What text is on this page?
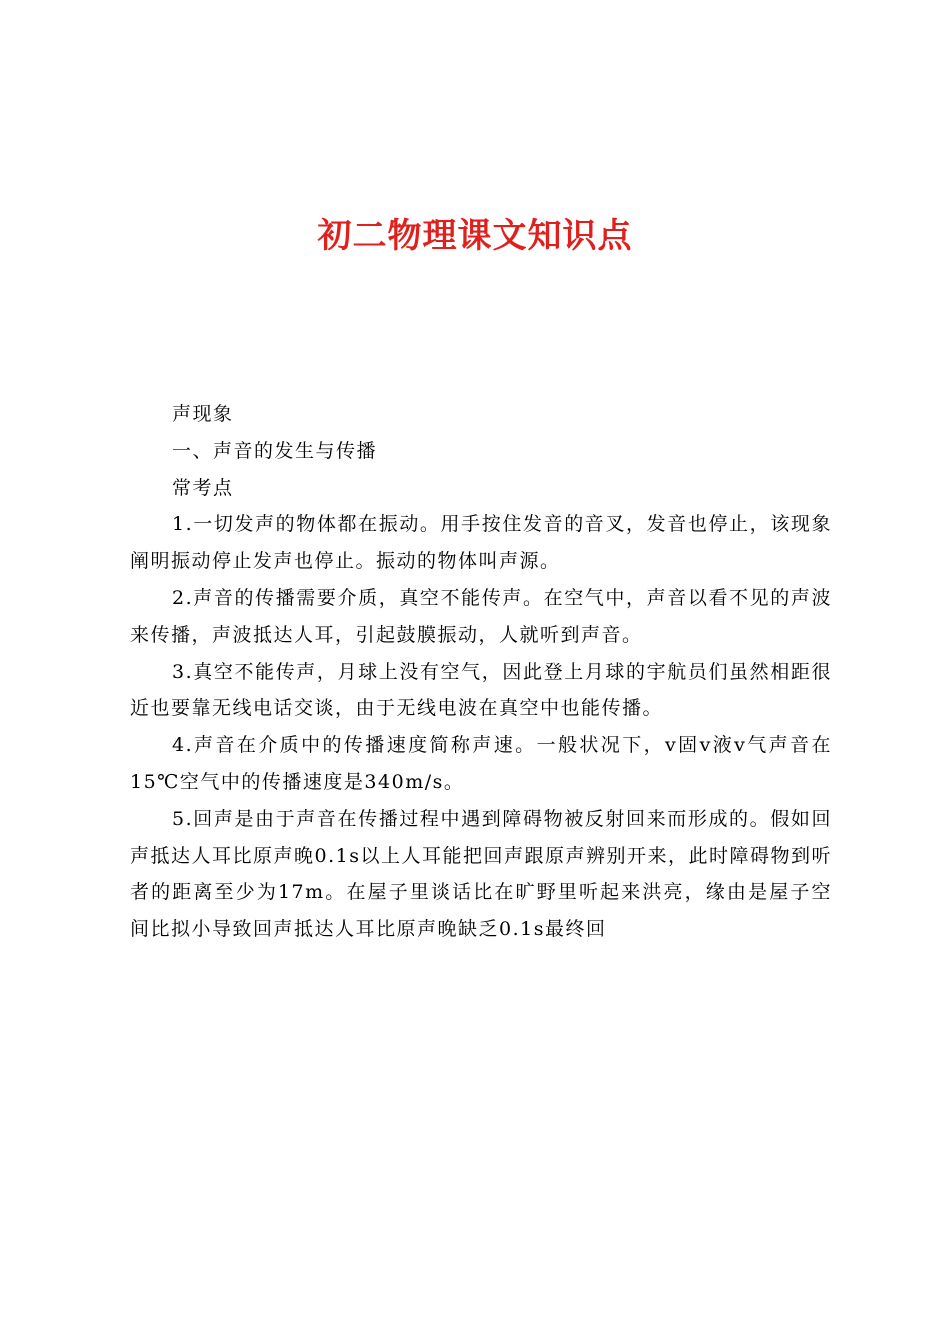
初二物理课文知识点

声现象

一、声音的发生与传播

常考点

1.一切发声的物体都在振动。用手按住发音的音叉，发音也停止，该现象阐明振动停止发声也停止。振动的物体叫声源。

2.声音的传播需要介质，真空不能传声。在空气中，声音以看不见的声波来传播，声波抵达人耳，引起鼓膜振动，人就听到声音。

3.真空不能传声，月球上没有空气，因此登上月球的宇航员们虽然相距很近也要靠无线电话交谈，由于无线电波在真空中也能传播。

4.声音在介质中的传播速度简称声速。一般状况下，v固v液v气声音在15℃空气中的传播速度是340m/s。

5.回声是由于声音在传播过程中遇到障碍物被反射回来而形成的。假如回声抵达人耳比原声晚0.1s以上人耳能把回声跟原声辨别开来，此时障碍物到听者的距离至少为17m。在屋子里谈话比在旷野里听起来洪亮，缘由是屋子空间比拟小导致回声抵达人耳比原声晚缺乏0.1s最终回
